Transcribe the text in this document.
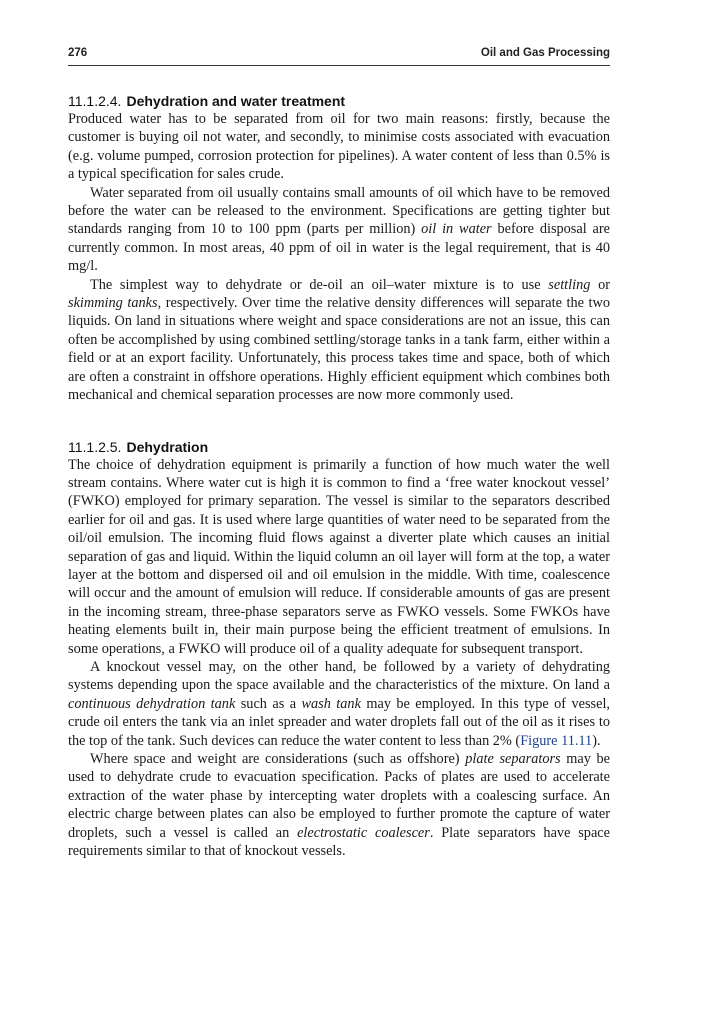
276	Oil and Gas Processing
11.1.2.4. Dehydration and water treatment

Produced water has to be separated from oil for two main reasons: firstly, because the customer is buying oil not water, and secondly, to minimise costs associated with evacuation (e.g. volume pumped, corrosion protection for pipelines). A water content of less than 0.5% is a typical specification for sales crude.

Water separated from oil usually contains small amounts of oil which have to be removed before the water can be released to the environment. Specifications are getting tighter but standards ranging from 10 to 100 ppm (parts per million) oil in water before disposal are currently common. In most areas, 40 ppm of oil in water is the legal requirement, that is 40 mg/l.

The simplest way to dehydrate or de-oil an oil–water mixture is to use settling or skimming tanks, respectively. Over time the relative density differences will separate the two liquids. On land in situations where weight and space considerations are not an issue, this can often be accomplished by using combined settling/storage tanks in a tank farm, either within a field or at an export facility. Unfortunately, this process takes time and space, both of which are often a constraint in offshore operations. Highly efficient equipment which combines both mechanical and chemical separation processes are now more commonly used.

11.1.2.5. Dehydration

The choice of dehydration equipment is primarily a function of how much water the well stream contains. Where water cut is high it is common to find a ‘free water knockout vessel’ (FWKO) employed for primary separation. The vessel is similar to the separators described earlier for oil and gas. It is used where large quantities of water need to be separated from the oil/oil emulsion. The incoming fluid flows against a diverter plate which causes an initial separation of gas and liquid. Within the liquid column an oil layer will form at the top, a water layer at the bottom and dispersed oil and oil emulsion in the middle. With time, coalescence will occur and the amount of emulsion will reduce. If considerable amounts of gas are present in the incoming stream, three-phase separators serve as FWKO vessels. Some FWKOs have heating elements built in, their main purpose being the efficient treatment of emulsions. In some operations, a FWKO will produce oil of a quality adequate for subsequent transport.

A knockout vessel may, on the other hand, be followed by a variety of dehydrating systems depending upon the space available and the characteristics of the mixture. On land a continuous dehydration tank such as a wash tank may be employed. In this type of vessel, crude oil enters the tank via an inlet spreader and water droplets fall out of the oil as it rises to the top of the tank. Such devices can reduce the water content to less than 2% (Figure 11.11).

Where space and weight are considerations (such as offshore) plate separators may be used to dehydrate crude to evacuation specification. Packs of plates are used to accelerate extraction of the water phase by intercepting water droplets with a coalescing surface. An electric charge between plates can also be employed to further promote the capture of water droplets, such a vessel is called an electrostatic coalescer. Plate separators have space requirements similar to that of knockout vessels.
